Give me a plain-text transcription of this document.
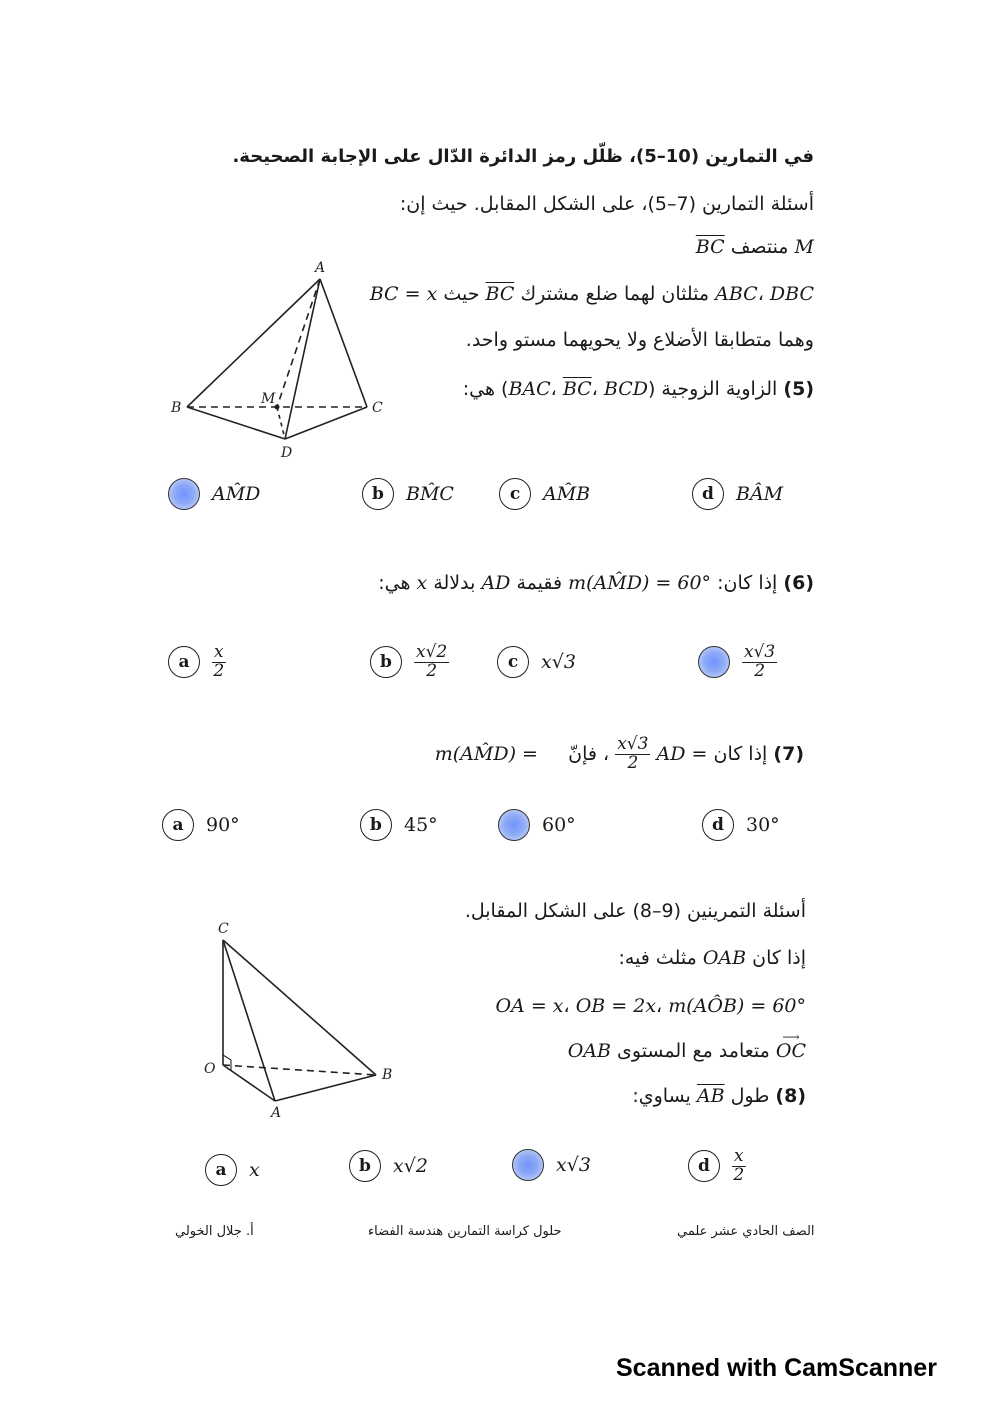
في التمارين (10–5)، ظلّل رمز الدائرة الدّال على الإجابة الصحيحة.
أسئلة التمارين (7–5)، على الشكل المقابل. حيث إن:
M منتصف $\overline{BC}$
ABC، DBC مثلثان لهما ضلع مشترك $\overline{BC}$ حيث BC = x
وهما متطابقا الأضلاع ولا يحويهما مستو واحد.
(5) الزاوية الزوجية (BAC، $\overline{BC}،$ BCD) هي:
A
B	C
D
M
AM̂D	b BM̂C	c AM̂B	d BÂM
(6) إذا كان: m(AM̂D) = 60° فقيمة AD بدلالة x هي:
a $\frac{x}{2}$	b $\frac{x√2}{2}$	c x√3	$\frac{x√3}{2}$
(7) إذا كان AD =
$\frac{x√3}{2}$
، فإنّ     m(AM̂D) =
a 90°	b 45°	60°	d 30°
أسئلة التمرينين (9–8) على الشكل المقابل.
إذا كان OAB مثلث فيه:
OA = x، OB = 2x، m(AÔB) = 60°
OC
⟶
متعامد مع المستوى OAB
(8) طول $\overline{AB}$ يساوي:
C
O	B
A
a x	b x√2	x√3	d $\frac{x}{2}$
أ. جلال الخولي	حلول كراسة التمارين هندسة الفضاء	الصف الحادي عشر علمي
Scanned with CamScanner
